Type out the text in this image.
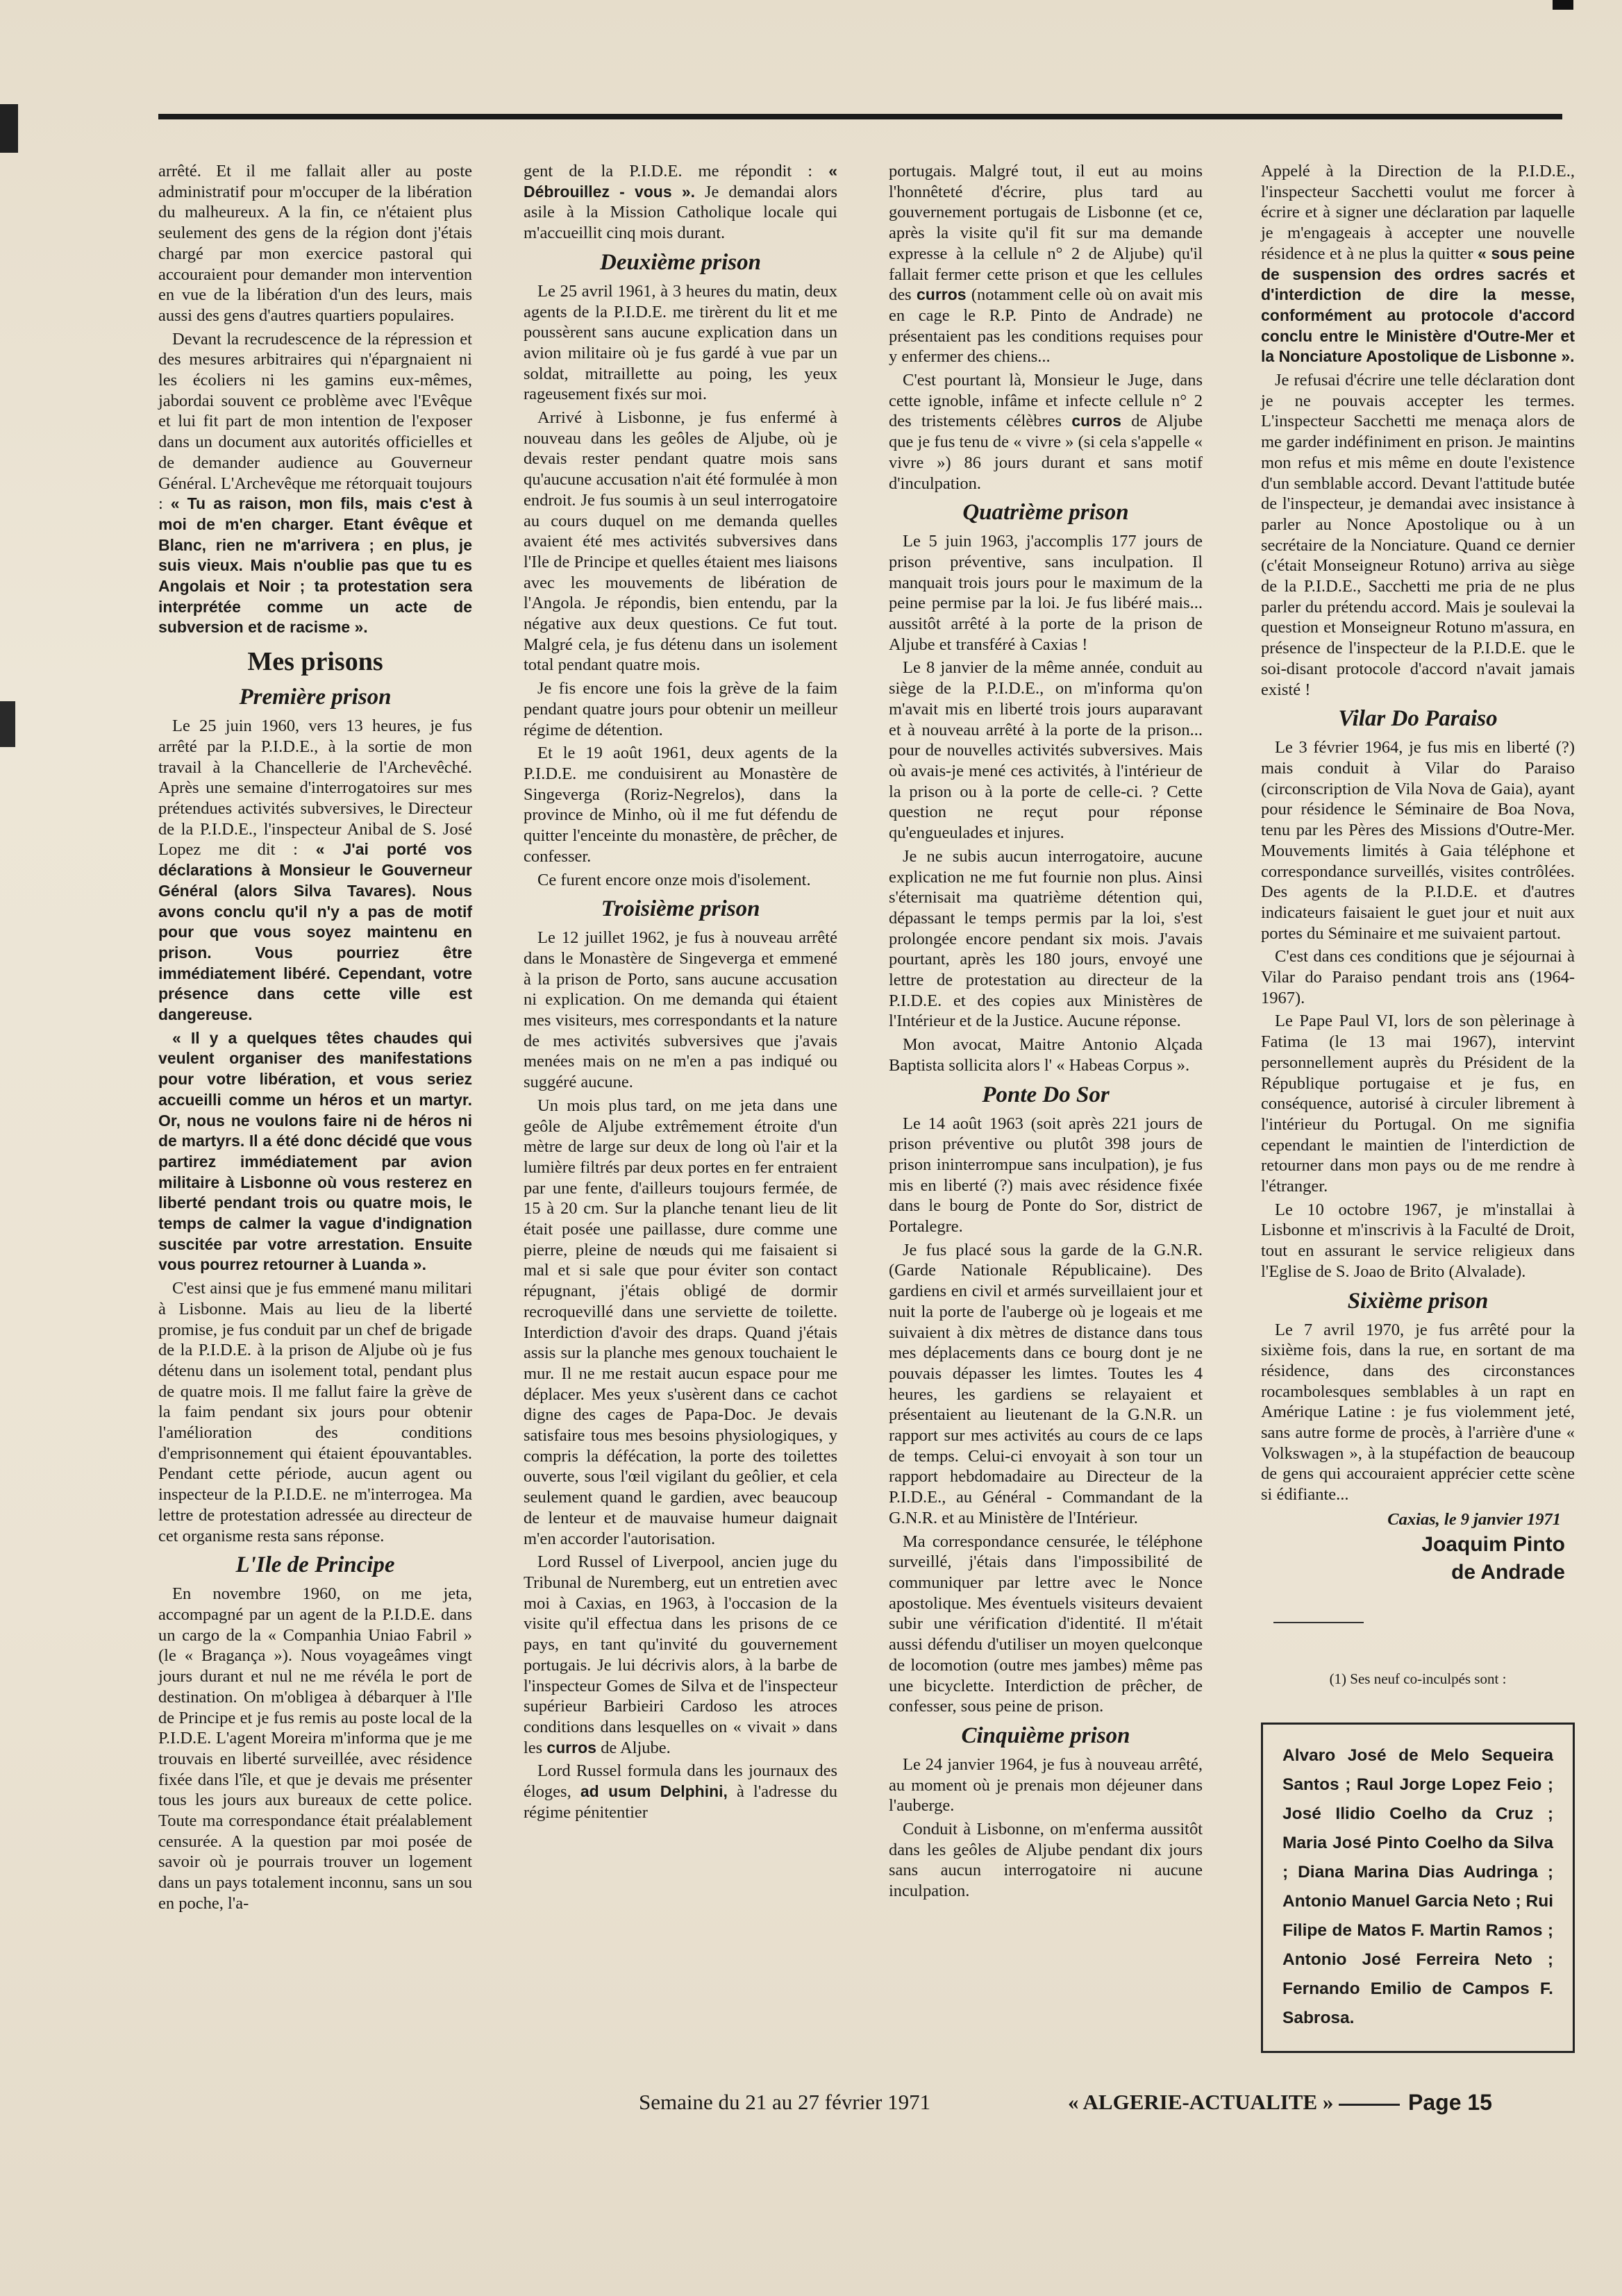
arrêté. Et il me fallait aller au poste administratif pour m'occuper de la libération du malheureux. A la fin, ce n'étaient plus seulement des gens de la région dont j'étais chargé par mon exercice pastoral qui accouraient pour demander mon intervention en vue de la libération d'un des leurs, mais aussi des gens d'autres quartiers populaires.

Devant la recrudescence de la répression et des mesures arbitraires qui n'épargnaient ni les écoliers ni les gamins eux-mêmes, jabordai souvent ce problème avec l'Evêque et lui fit part de mon intention de l'exposer dans un document aux autorités officielles et de demander audience au Gouverneur Général. L'Archevêque me rétorquait toujours : « Tu as raison, mon fils, mais c'est à moi de m'en charger. Etant évêque et Blanc, rien ne m'arrivera ; en plus, je suis vieux. Mais n'oublie pas que tu es Angolais et Noir ; ta protestation sera interprétée comme un acte de subversion et de racisme ».

Mes prisons
Première prison

Le 25 juin 1960, vers 13 heures, je fus arrêté par la P.I.D.E., à la sortie de mon travail à la Chancellerie de l'Archevêché. Après une semaine d'interrogatoires sur mes prétendues activités subversives, le Directeur de la P.I.D.E., l'inspecteur Anibal de S. José Lopez me dit : « J'ai porté vos déclarations à Monsieur le Gouverneur Général (alors Silva Tavares). Nous avons conclu qu'il n'y a pas de motif pour que vous soyez maintenu en prison. Vous pourriez être immédiatement libéré. Cependant, votre présence dans cette ville est dangereuse.

« Il y a quelques têtes chaudes qui veulent organiser des manifestations pour votre libération, et vous seriez accueilli comme un héros et un martyr. Or, nous ne voulons faire ni de héros ni de martyrs. Il a été donc décidé que vous partirez immédiatement par avion militaire à Lisbonne où vous resterez en liberté pendant trois ou quatre mois, le temps de calmer la vague d'indignation suscitée par votre arrestation. Ensuite vous pourrez retourner à Luanda ».

C'est ainsi que je fus emmené manu militari à Lisbonne. Mais au lieu de la liberté promise, je fus conduit par un chef de brigade de la P.I.D.E. à la prison de Aljube où je fus détenu dans un isolement total, pendant plus de quatre mois. Il me fallut faire la grève de la faim pendant six jours pour obtenir l'amélioration des conditions d'emprisonnement qui étaient épouvantables. Pendant cette période, aucun agent ou inspecteur de la P.I.D.E. ne m'interrogea. Ma lettre de protestation adressée au directeur de cet organisme resta sans réponse.

L'Ile de Principe

En novembre 1960, on me jeta, accompagné par un agent de la P.I.D.E. dans un cargo de la « Companhia Uniao Fabril » (le « Bragança »). Nous voyageâmes vingt jours durant et nul ne me révéla le port de destination. On m'obligea à débarquer à l'Ile de Principe et je fus remis au poste local de la P.I.D.E. L'agent Moreira m'informa que je me trouvais en liberté surveillée, avec résidence fixée dans l'île, et que je devais me présenter tous les jours aux bureaux de cette police. Toute ma correspondance était préalablement censurée. A la question par moi posée de savoir où je pourrais trouver un logement dans un pays totalement inconnu, sans un sou en poche, l'a-

gent de la P.I.D.E. me répondit : « Débrouillez - vous ». Je demandai alors asile à la Mission Catholique locale qui m'accueillit cinq mois durant.

Deuxième prison

Le 25 avril 1961, à 3 heures du matin, deux agents de la P.I.D.E. me tirèrent du lit et me poussèrent sans aucune explication dans un avion militaire où je fus gardé à vue par un soldat, mitraillette au poing, les yeux rageusement fixés sur moi.

Arrivé à Lisbonne, je fus enfermé à nouveau dans les geôles de Aljube, où je devais rester pendant quatre mois sans qu'aucune accusation n'ait été formulée à mon endroit. Je fus soumis à un seul interrogatoire au cours duquel on me demanda quelles avaient été mes activités subversives dans l'Ile de Principe et quelles étaient mes liaisons avec les mouvements de libération de l'Angola. Je répondis, bien entendu, par la négative aux deux questions. Ce fut tout. Malgré cela, je fus détenu dans un isolement total pendant quatre mois.

Je fis encore une fois la grève de la faim pendant quatre jours pour obtenir un meilleur régime de détention.

Et le 19 août 1961, deux agents de la P.I.D.E. me conduisirent au Monastère de Singeverga (Roriz-Negrelos), dans la province de Minho, où il me fut défendu de quitter l'enceinte du monastère, de prêcher, de confesser.

Ce furent encore onze mois d'isolement.

Troisième prison

Le 12 juillet 1962, je fus à nouveau arrêté dans le Monastère de Singeverga et emmené à la prison de Porto, sans aucune accusation ni explication. On me demanda qui étaient mes visiteurs, mes correspondants et la nature de mes activités subversives que j'avais menées mais on ne m'en a pas indiqué ou suggéré aucune.

Un mois plus tard, on me jeta dans une geôle de Aljube extrêmement étroite d'un mètre de large sur deux de long où l'air et la lumière filtrés par deux portes en fer entraient par une fente, d'ailleurs toujours fermée, de 15 à 20 cm. Sur la planche tenant lieu de lit était posée une paillasse, dure comme une pierre, pleine de nœuds qui me faisaient si mal et si sale que pour éviter son contact répugnant, j'étais obligé de dormir recroquevillé dans une serviette de toilette. Interdiction d'avoir des draps. Quand j'étais assis sur la planche mes genoux touchaient le mur. Il ne me restait aucun espace pour me déplacer. Mes yeux s'usèrent dans ce cachot digne des cages de Papa-Doc. Je devais satisfaire tous mes besoins physiologiques, y compris la défécation, la porte des toilettes ouverte, sous l'œil vigilant du geôlier, et cela seulement quand le gardien, avec beaucoup de lenteur et de mauvaise humeur daignait m'en accorder l'autorisation.

Lord Russel of Liverpool, ancien juge du Tribunal de Nuremberg, eut un entretien avec moi à Caxias, en 1963, à l'occasion de la visite qu'il effectua dans les prisons de ce pays, en tant qu'invité du gouvernement portugais. Je lui décrivis alors, à la barbe de l'inspecteur Gomes de Silva et de l'inspecteur supérieur Barbieiri Cardoso les atroces conditions dans lesquelles on « vivait » dans les curros de Aljube.

Lord Russel formula dans les journaux des éloges, ad usum Delphini, à l'adresse du régime pénitentier

portugais. Malgré tout, il eut au moins l'honnêteté d'écrire, plus tard au gouvernement portugais de Lisbonne (et ce, après la visite qu'il fit sur ma demande expresse à la cellule n° 2 de Aljube) qu'il fallait fermer cette prison et que les cellules des curros (notamment celle où on avait mis en cage le R.P. Pinto de Andrade) ne présentaient pas les conditions requises pour y enfermer des chiens...

C'est pourtant là, Monsieur le Juge, dans cette ignoble, infâme et infecte cellule n° 2 des tristements célèbres curros de Aljube que je fus tenu de « vivre » (si cela s'appelle « vivre ») 86 jours durant et sans motif d'inculpation.

Quatrième prison

Le 5 juin 1963, j'accomplis 177 jours de prison préventive, sans inculpation. Il manquait trois jours pour le maximum de la peine permise par la loi. Je fus libéré mais... aussitôt arrêté à la porte de la prison de Aljube et transféré à Caxias !

Le 8 janvier de la même année, conduit au siège de la P.I.D.E., on m'informa qu'on m'avait mis en liberté trois jours auparavant et à nouveau arrêté à la porte de la prison... pour de nouvelles activités subversives. Mais où avais-je mené ces activités, à l'intérieur de la prison ou à la porte de celle-ci. ? Cette question ne reçut pour réponse qu'engueulades et injures.

Je ne subis aucun interrogatoire, aucune explication ne me fut fournie non plus. Ainsi s'éternisait ma quatrième détention qui, dépassant le temps permis par la loi, s'est prolongée encore pendant six mois. J'avais pourtant, après les 180 jours, envoyé une lettre de protestation au directeur de la P.I.D.E. et des copies aux Ministères de l'Intérieur et de la Justice. Aucune réponse.

Mon avocat, Maitre Antonio Alçada Baptista sollicita alors l' « Habeas Corpus ».

Ponte Do Sor

Le 14 août 1963 (soit après 221 jours de prison préventive ou plutôt 398 jours de prison ininterrompue sans inculpation), je fus mis en liberté (?) mais avec résidence fixée dans le bourg de Ponte do Sor, district de Portalegre.

Je fus placé sous la garde de la G.N.R. (Garde Nationale Républicaine). Des gardiens en civil et armés surveillaient jour et nuit la porte de l'auberge où je logeais et me suivaient à dix mètres de distance dans tous mes déplacements dans ce bourg dont je ne pouvais dépasser les limtes. Toutes les 4 heures, les gardiens se relayaient et présentaient au lieutenant de la G.N.R. un rapport sur mes activités au cours de ce laps de temps. Celui-ci envoyait à son tour un rapport hebdomadaire au Directeur de la P.I.D.E., au Général - Commandant de la G.N.R. et au Ministère de l'Intérieur.

Ma correspondance censurée, le téléphone surveillé, j'étais dans l'impossibilité de communiquer par lettre avec le Nonce apostolique. Mes éventuels visiteurs devaient subir une vérification d'identité. Il m'était aussi défendu d'utiliser un moyen quelconque de locomotion (outre mes jambes) même pas une bicyclette. Interdiction de prêcher, de confesser, sous peine de prison.

Cinquième prison

Le 24 janvier 1964, je fus à nouveau arrêté, au moment où je prenais mon déjeuner dans l'auberge.

Conduit à Lisbonne, on m'enferma aussitôt dans les geôles de Aljube pendant dix jours sans aucun interrogatoire ni aucune inculpation.

Appelé à la Direction de la P.I.D.E., l'inspecteur Sacchetti voulut me forcer à écrire et à signer une déclaration par laquelle je m'engageais à accepter une nouvelle résidence et à ne plus la quitter « sous peine de suspension des ordres sacrés et d'interdiction de dire la messe, conformément au protocole d'accord conclu entre le Ministère d'Outre-Mer et la Nonciature Apostolique de Lisbonne ».

Je refusai d'écrire une telle déclaration dont je ne pouvais accepter les termes. L'inspecteur Sacchetti me menaça alors de me garder indéfiniment en prison. Je maintins mon refus et mis même en doute l'existence d'un semblable accord. Devant l'attitude butée de l'inspecteur, je demandai avec insistance à parler au Nonce Apostolique ou à un secrétaire de la Nonciature. Quand ce dernier (c'était Monseigneur Rotuno) arriva au siège de la P.I.D.E., Sacchetti me pria de ne plus parler du prétendu accord. Mais je soulevai la question et Monseigneur Rotuno m'assura, en présence de l'inspecteur de la P.I.D.E. que le soi-disant protocole d'accord n'avait jamais existé !

Vilar Do Paraiso

Le 3 février 1964, je fus mis en liberté (?) mais conduit à Vilar do Paraiso (circonscription de Vila Nova de Gaia), ayant pour résidence le Séminaire de Boa Nova, tenu par les Pères des Missions d'Outre-Mer. Mouvements limités à Gaia téléphone et correspondance surveillés, visites contrôlées. Des agents de la P.I.D.E. et d'autres indicateurs faisaient le guet jour et nuit aux portes du Séminaire et me suivaient partout.

C'est dans ces conditions que je séjournai à Vilar do Paraiso pendant trois ans (1964-1967).

Le Pape Paul VI, lors de son pèlerinage à Fatima (le 13 mai 1967), intervint personnellement auprès du Président de la République portugaise et je fus, en conséquence, autorisé à circuler librement à l'intérieur du Portugal. On me signifia cependant le maintien de l'interdiction de retourner dans mon pays ou de me rendre à l'étranger.

Le 10 octobre 1967, je m'installai à Lisbonne et m'inscrivis à la Faculté de Droit, tout en assurant le service religieux dans l'Eglise de S. Joao de Brito (Alvalade).

Sixième prison

Le 7 avril 1970, je fus arrêté pour la sixième fois, dans la rue, en sortant de ma résidence, dans des circonstances rocambolesques semblables à un rapt en Amérique Latine : je fus violemment jeté, sans autre forme de procès, à l'arrière d'une « Volkswagen », à la stupéfaction de beaucoup de gens qui accouraient apprécier cette scène si édifiante...

Caxias, le 9 janvier 1971
Joaquim Pinto
de Andrade
(1) Ses neuf co-inculpés sont :
Alvaro José de Melo Sequeira Santos ; Raul Jorge Lopez Feio ; José Ilidio Coelho da Cruz ; Maria José Pinto Coelho da Silva ; Diana Marina Dias Audringa ; Antonio Manuel Garcia Neto ; Rui Filipe de Matos F. Martin Ramos ; Antonio José Ferreira Neto ; Fernando Emilio de Campos F. Sabrosa.
Semaine du 21 au 27 février 1971	« ALGERIE-ACTUALITE »	Page 15
